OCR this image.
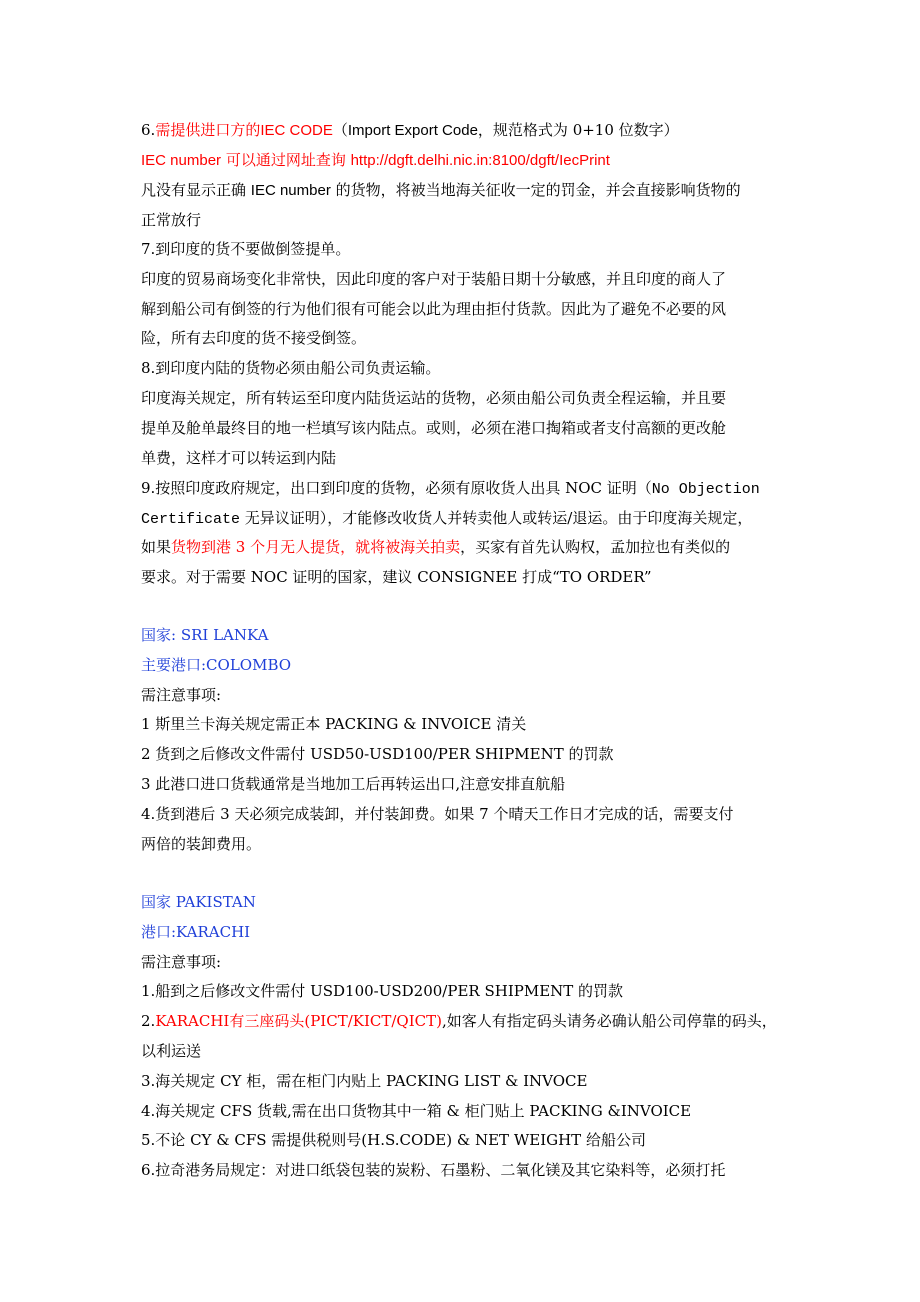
6.需提供进口方的IEC CODE（Import Export Code，规范格式为 0+10 位数字）
IEC number 可以通过网址查询 http://dgft.delhi.nic.in:8100/dgft/IecPrint
凡没有显示正确 IEC number 的货物，将被当地海关征收一定的罚金，并会直接影响货物的
正常放行
7.到印度的货不要做倒签提单。
印度的贸易商场变化非常快，因此印度的客户对于装船日期十分敏感，并且印度的商人了
解到船公司有倒签的行为他们很有可能会以此为理由拒付货款。因此为了避免不必要的风
险，所有去印度的货不接受倒签。
8.到印度内陆的货物必须由船公司负责运输。
印度海关规定，所有转运至印度内陆货运站的货物，必须由船公司负责全程运输，并且要
提单及舱单最终目的地一栏填写该内陆点。或则，必须在港口掏箱或者支付高额的更改舱
单费，这样才可以转运到内陆
9.按照印度政府规定，出口到印度的货物，必须有原收货人出具 NOC 证明（No Objection
Certificate 无异议证明），才能修改收货人并转卖他人或转运/退运。由于印度海关规定，
如果货物到港 3 个月无人提货，就将被海关拍卖，买家有首先认购权，孟加拉也有类似的
要求。对于需要 NOC 证明的国家，建议 CONSIGNEE 打成“TO ORDER”
国家: SRI LANKA
主要港口:COLOMBO
需注意事项:
1 斯里兰卡海关规定需正本 PACKING & INVOICE 清关
2 货到之后修改文件需付 USD50-USD100/PER SHIPMENT 的罚款
3 此港口进口货载通常是当地加工后再转运出口,注意安排直航船
4.货到港后 3 天必须完成装卸，并付装卸费。如果 7 个晴天工作日才完成的话，需要支付
两倍的装卸费用。
国家 PAKISTAN
港口:KARACHI
需注意事项:
1.船到之后修改文件需付 USD100-USD200/PER SHIPMENT 的罚款
2.KARACHI有三座码头(PICT/KICT/QICT),如客人有指定码头请务必确认船公司停靠的码头，
以利运送
3.海关规定 CY 柜，需在柜门内贴上 PACKING LIST & INVOCE
4.海关规定 CFS 货载,需在出口货物其中一箱 & 柜门贴上 PACKING &INVOICE
5.不论 CY & CFS 需提供税则号(H.S.CODE) & NET WEIGHT 给船公司
6.拉奇港务局规定：对进口纸袋包装的炭粉、石墨粉、二氧化镁及其它染料等，必须打托
